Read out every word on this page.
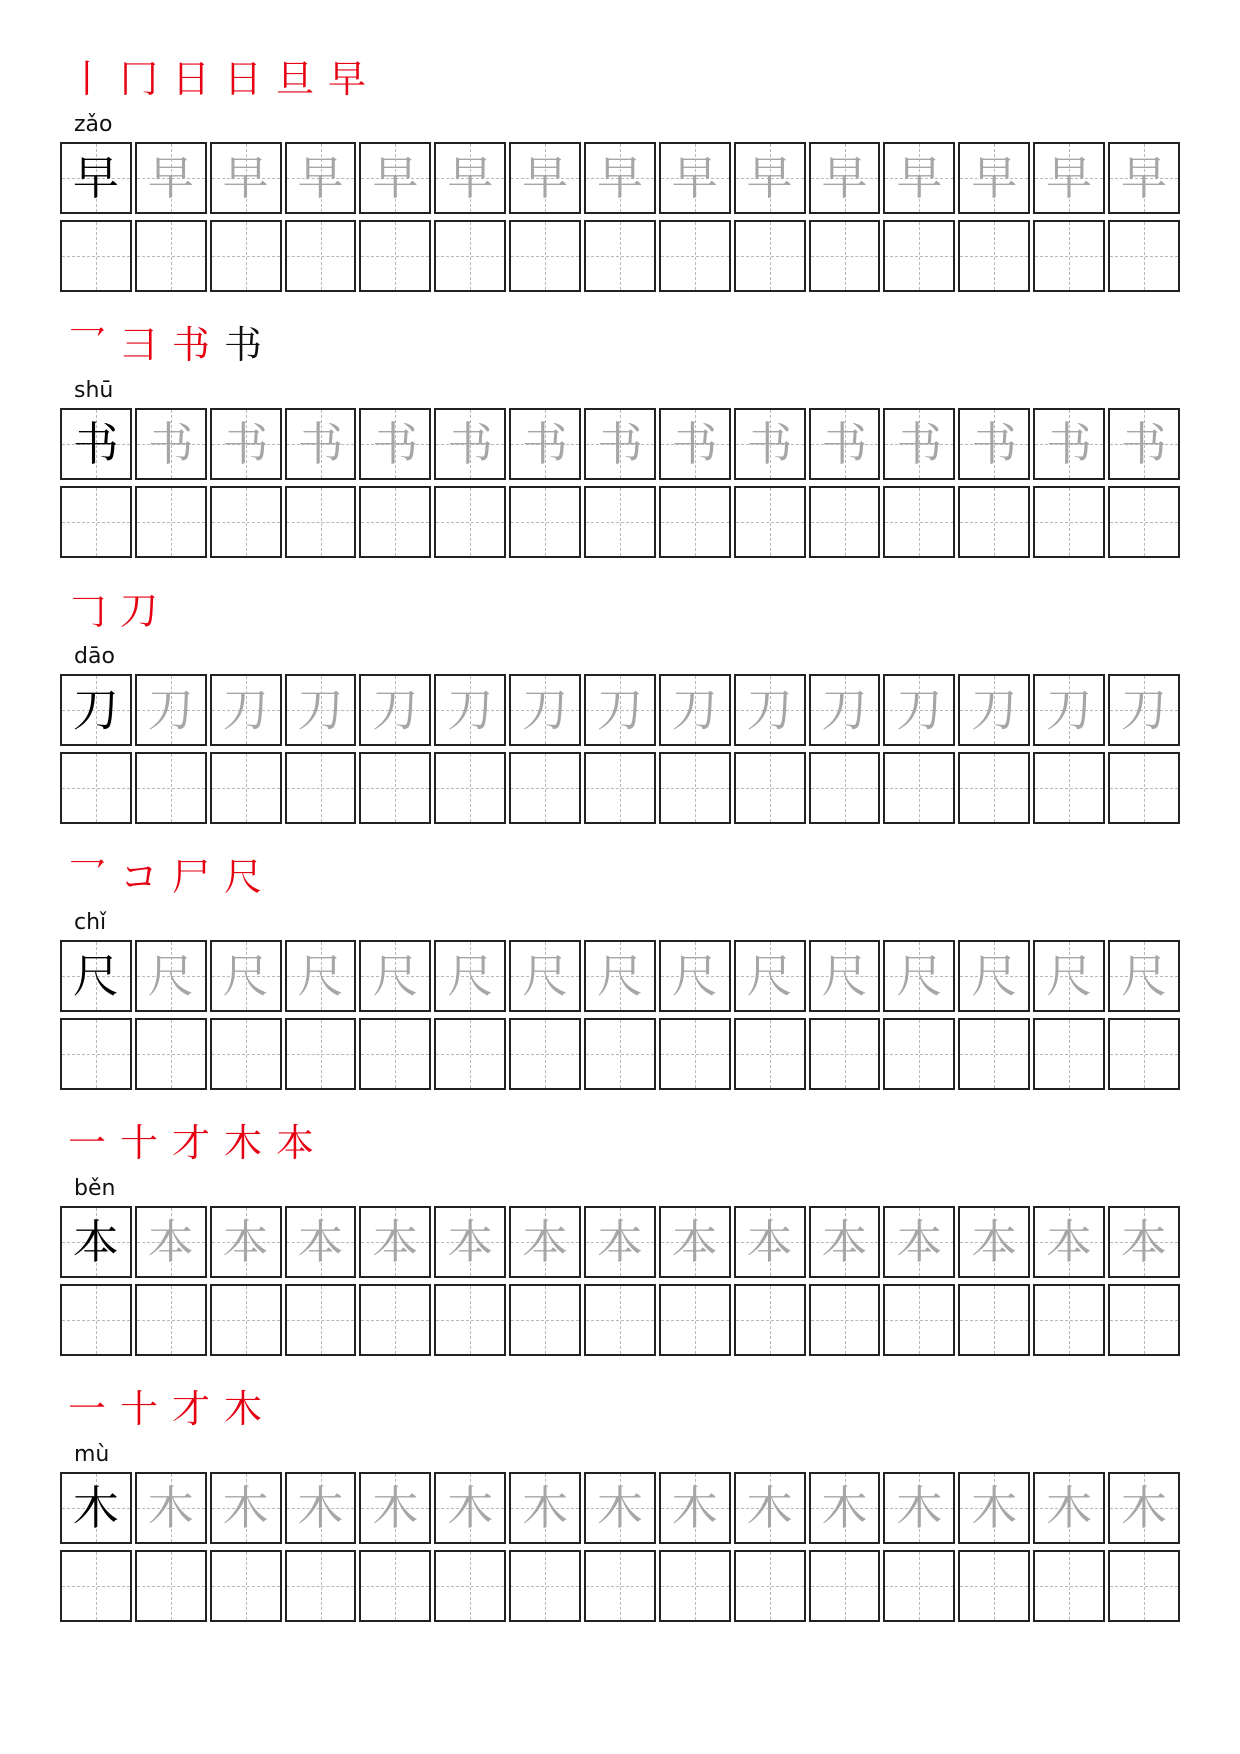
丨 冂 日 日 旦 早
zǎo
早 早 早 早 早 早 早 早 早 早 早 早 早 早 早
乛 ⺕ 书 书
shū
书 书 书 书 书 书 书 书 书 书 书 书 书 书 书
𠃌 刀
dāo
刀 刀 刀 刀 刀 刀 刀 刀 刀 刀 刀 刀 刀 刀 刀
乛 コ 尸 尺
chǐ
尺 尺 尺 尺 尺 尺 尺 尺 尺 尺 尺 尺 尺 尺 尺
一 十 才 木 本
běn
本 本 本 本 本 本 本 本 本 本 本 本 本 本 本
一 十 才 木
mù
木 木 木 木 木 木 木 木 木 木 木 木 木 木 木
